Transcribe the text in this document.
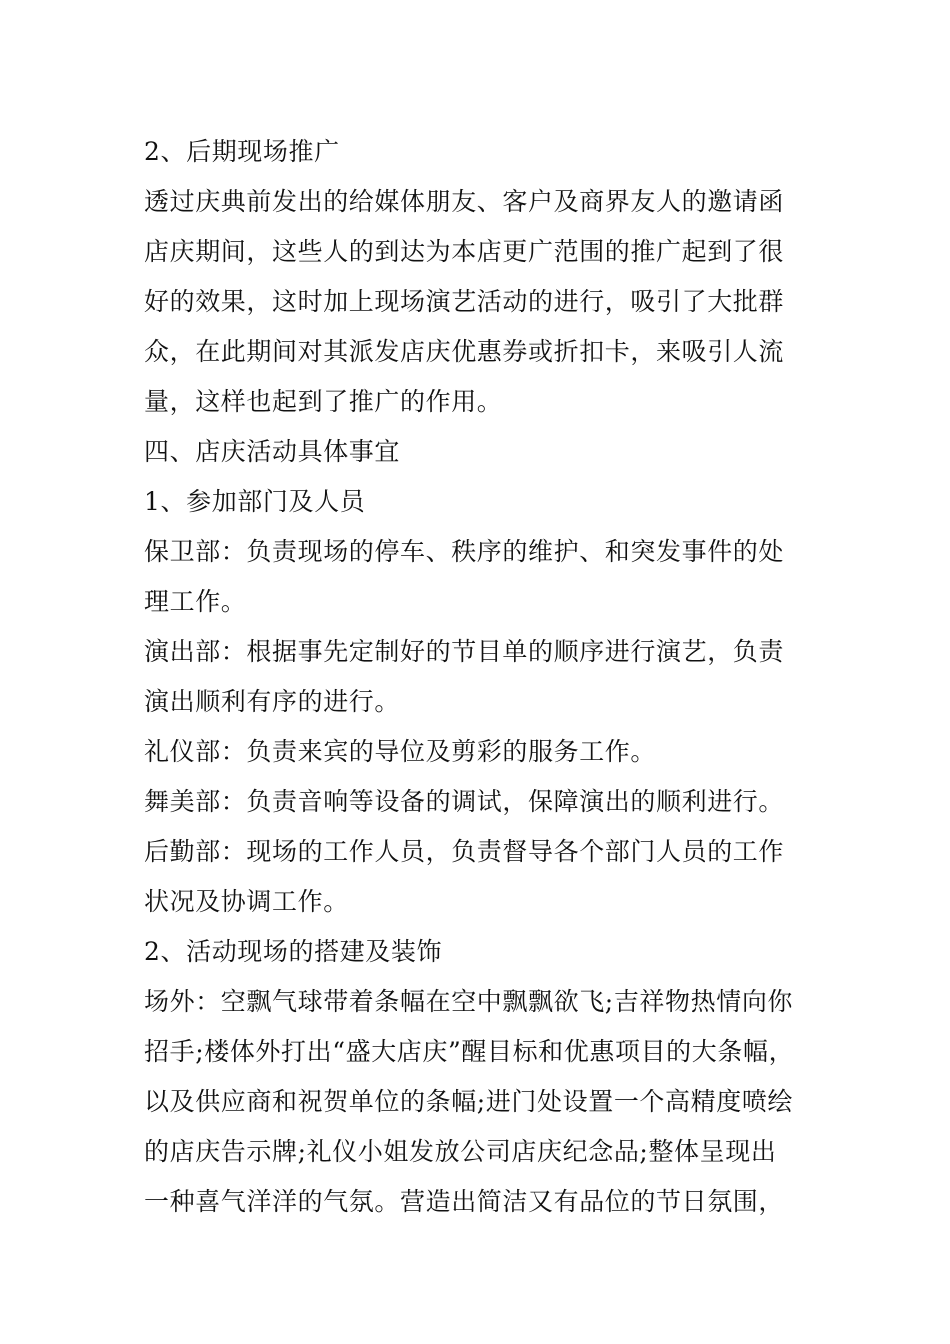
2、后期现场推广
透过庆典前发出的给媒体朋友、客户及商界友人的邀请函
店庆期间，这些人的到达为本店更广范围的推广起到了很
好的效果，这时加上现场演艺活动的进行，吸引了大批群
众，在此期间对其派发店庆优惠券或折扣卡，来吸引人流
量，这样也起到了推广的作用。
四、店庆活动具体事宜
1、参加部门及人员
保卫部：负责现场的停车、秩序的维护、和突发事件的处
理工作。
演出部：根据事先定制好的节目单的顺序进行演艺，负责
演出顺利有序的进行。
礼仪部：负责来宾的导位及剪彩的服务工作。
舞美部：负责音响等设备的调试，保障演出的顺利进行。
后勤部：现场的工作人员，负责督导各个部门人员的工作
状况及协调工作。
2、活动现场的搭建及装饰
场外：空飘气球带着条幅在空中飘飘欲飞;吉祥物热情向你
招手;楼体外打出“盛大店庆”醒目标和优惠项目的大条幅，
以及供应商和祝贺单位的条幅;进门处设置一个高精度喷绘
的店庆告示牌;礼仪小姐发放公司店庆纪念品;整体呈现出
一种喜气洋洋的气氛。营造出简洁又有品位的节日氛围，
